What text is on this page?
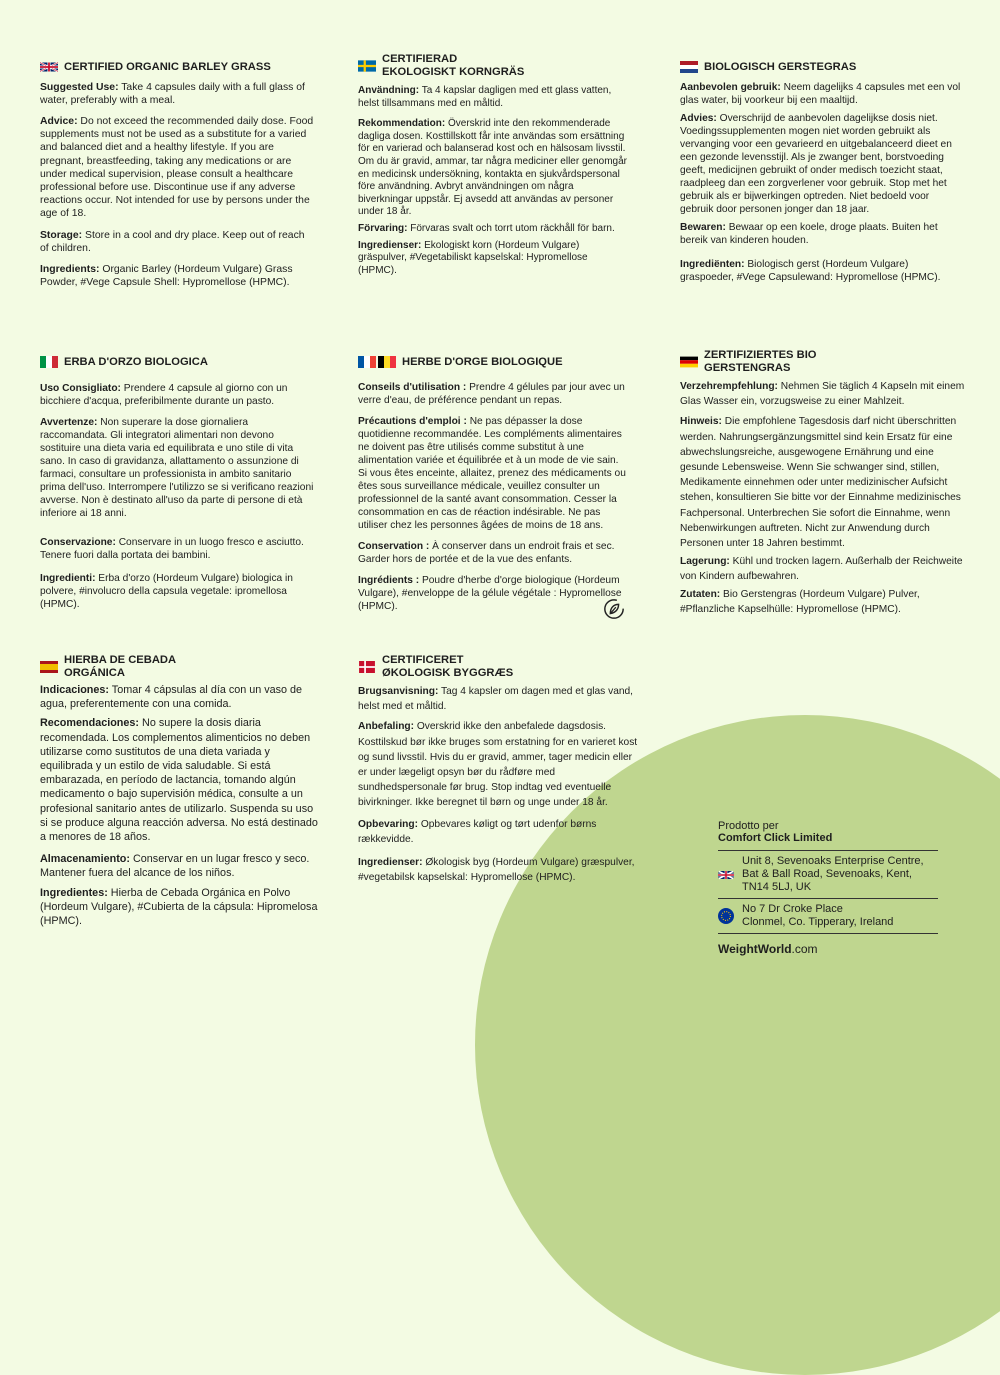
CERTIFIED ORGANIC BARLEY GRASS

Suggested Use: Take 4 capsules daily with a full glass of water, preferably with a meal.

Advice: Do not exceed the recommended daily dose. Food supplements must not be used as a substitute for a varied and balanced diet and a healthy lifestyle. If you are pregnant, breastfeeding, taking any medications or are under medical supervision, please consult a healthcare professional before use. Discontinue use if any adverse reactions occur. Not intended for use by persons under the age of 18.

Storage: Store in a cool and dry place. Keep out of reach of children.

Ingredients: Organic Barley (Hordeum Vulgare) Grass Powder, #Vege Capsule Shell: Hypromellose (HPMC).

CERTIFIERAD
EKOLOGISKT KORNGRÄS

Användning: Ta 4 kapslar dagligen med ett glass vatten, helst tillsammans med en måltid.

Rekommendation: Överskrid inte den rekommenderade dagliga dosen. Kosttillskott får inte användas som ersättning för en varierad och balanserad kost och en hälsosam livsstil. Om du är gravid, ammar, tar några mediciner eller genomgår en medicinsk undersökning, kontakta en sjukvårdspersonal före användning. Avbryt användningen om några biverkningar uppstår. Ej avsedd att användas av personer under 18 år.

Förvaring: Förvaras svalt och torrt utom räckhåll för barn.

Ingredienser: Ekologiskt korn (Hordeum Vulgare) gräspulver, #Vegetabiliskt kapselskal: Hypromellose (HPMC).

BIOLOGISCH GERSTEGRAS

Aanbevolen gebruik: Neem dagelijks 4 capsules met een vol glas water, bij voorkeur bij een maaltijd.

Advies: Overschrijd de aanbevolen dagelijkse dosis niet. Voedingssupplementen mogen niet worden gebruikt als vervanging voor een gevarieerd en uitgebalanceerd dieet en een gezonde levensstijl. Als je zwanger bent, borstvoeding geeft, medicijnen gebruikt of onder medisch toezicht staat, raadpleeg dan een zorgverlener voor gebruik. Stop met het gebruik als er bijwerkingen optreden. Niet bedoeld voor gebruik door personen jonger dan 18 jaar.

Bewaren: Bewaar op een koele, droge plaats. Buiten het bereik van kinderen houden.

Ingrediënten: Biologisch gerst (Hordeum Vulgare) graspoeder, #Vege Capsulewand: Hypromellose (HPMC).

ERBA D'ORZO BIOLOGICA

Uso Consigliato: Prendere 4 capsule al giorno con un bicchiere d'acqua, preferibilmente durante un pasto.

Avvertenze: Non superare la dose giornaliera raccomandata. Gli integratori alimentari non devono sostituire una dieta varia ed equilibrata e uno stile di vita sano. In caso di gravidanza, allattamento o assunzione di farmaci, consultare un professionista in ambito sanitario prima dell'uso. Interrompere l'utilizzo se si verificano reazioni avverse. Non è destinato all'uso da parte di persone di età inferiore ai 18 anni.

Conservazione: Conservare in un luogo fresco e asciutto. Tenere fuori dalla portata dei bambini.

Ingredienti: Erba d'orzo (Hordeum Vulgare) biologica in polvere, #involucro della capsula vegetale: ipromellosa (HPMC).

HERBE D'ORGE BIOLOGIQUE

Conseils d'utilisation : Prendre 4 gélules par jour avec un verre d'eau, de préférence pendant un repas.

Précautions d'emploi : Ne pas dépasser la dose quotidienne recommandée. Les compléments alimentaires ne doivent pas être utilisés comme substitut à une alimentation variée et équilibrée et à un mode de vie sain. Si vous êtes enceinte, allaitez, prenez des médicaments ou êtes sous surveillance médicale, veuillez consulter un professionnel de la santé avant consommation. Cesser la consommation en cas de réaction indésirable. Ne pas utiliser chez les personnes âgées de moins de 18 ans.

Conservation : À conserver dans un endroit frais et sec. Garder hors de portée et de la vue des enfants.

Ingrédients : Poudre d'herbe d'orge biologique (Hordeum Vulgare), #enveloppe de la gélule végétale : Hypromellose (HPMC).

ZERTIFIZIERTES BIO
GERSTENGRAS

Verzehrempfehlung: Nehmen Sie täglich 4 Kapseln mit einem Glas Wasser ein, vorzugsweise zu einer Mahlzeit.

Hinweis: Die empfohlene Tagesdosis darf nicht überschritten werden. Nahrungsergänzungsmittel sind kein Ersatz für eine abwechslungsreiche, ausgewogene Ernährung und eine gesunde Lebensweise. Wenn Sie schwanger sind, stillen, Medikamente einnehmen oder unter medizinischer Aufsicht stehen, konsultieren Sie bitte vor der Einnahme medizinisches Fachpersonal. Unterbrechen Sie sofort die Einnahme, wenn Nebenwirkungen auftreten. Nicht zur Anwendung durch Personen unter 18 Jahren bestimmt.

Lagerung: Kühl und trocken lagern. Außerhalb der Reichweite von Kindern aufbewahren.

Zutaten: Bio Gerstengras (Hordeum Vulgare) Pulver, #Pflanzliche Kapselhülle: Hypromellose (HPMC).

HIERBA DE CEBADA
ORGÁNICA

Indicaciones: Tomar 4 cápsulas al día con un vaso de agua, preferentemente con una comida.

Recomendaciones: No supere la dosis diaria recomendada. Los complementos alimenticios no deben utilizarse como sustitutos de una dieta variada y equilibrada y un estilo de vida saludable. Si está embarazada, en período de lactancia, tomando algún medicamento o bajo supervisión médica, consulte a un profesional sanitario antes de utilizarlo. Suspenda su uso si se produce alguna reacción adversa. No está destinado a menores de 18 años.

Almacenamiento: Conservar en un lugar fresco y seco. Mantener fuera del alcance de los niños.

Ingredientes: Hierba de Cebada Orgánica en Polvo (Hordeum Vulgare), #Cubierta de la cápsula: Hipromelosa (HPMC).

CERTIFICERET
ØKOLOGISK BYGGRÆS

Brugsanvisning: Tag 4 kapsler om dagen med et glas vand, helst med et måltid.

Anbefaling: Overskrid ikke den anbefalede dagsdosis. Kosttilskud bør ikke bruges som erstatning for en varieret kost og sund livsstil. Hvis du er gravid, ammer, tager medicin eller er under lægeligt opsyn bør du rådføre med sundhedspersonale før brug. Stop indtag ved eventuelle bivirkninger. Ikke beregnet til børn og unge under 18 år.

Opbevaring: Opbevares køligt og tørt udenfor børns rækkevidde.

Ingredienser: Økologisk byg (Hordeum Vulgare) græspulver, #vegetabilsk kapselskal: Hypromellose (HPMC).

Prodotto per

Comfort Click Limited

Unit 8, Sevenoaks Enterprise Centre,
Bat & Ball Road, Sevenoaks, Kent,
TN14 5LJ, UK
No 7 Dr Croke Place
Clonmel, Co. Tipperary, Ireland
WeightWorld.com
